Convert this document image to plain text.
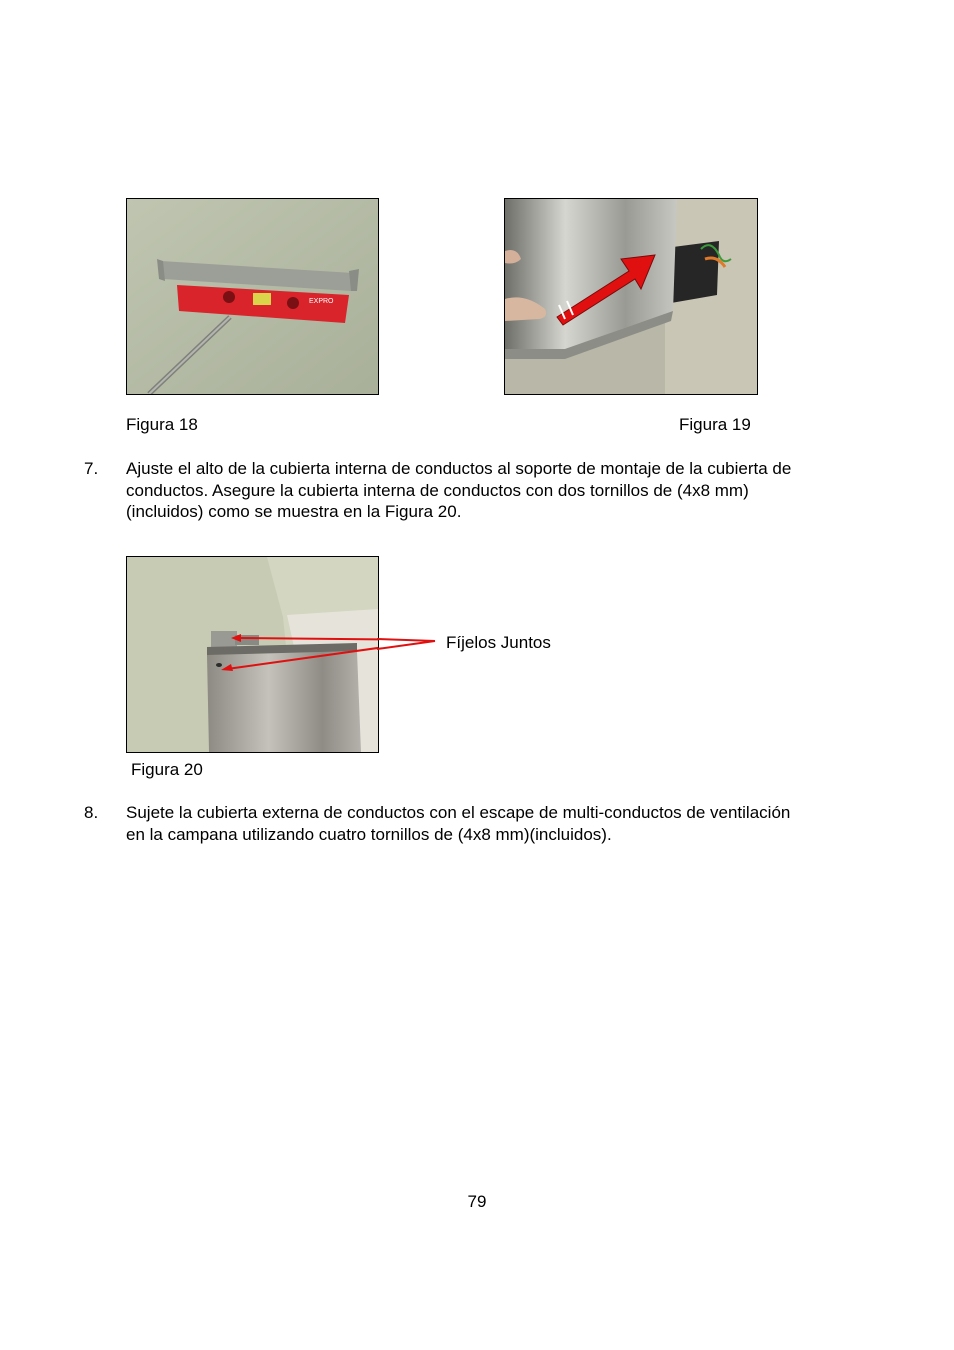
EXPRO
Figura 18	Figura 19
7. Ajuste el alto de la cubierta interna de conductos al soporte de montaje de la cubierta de
conductos. Asegure la cubierta interna de conductos con dos tornillos de (4x8 mm)
(incluidos) como se muestra en la Figura 20.
Fíjelos Juntos
Figura 20
8. Sujete la cubierta externa de conductos con el escape de multi-conductos de ventilación
en la campana utilizando cuatro tornillos de (4x8 mm)(incluidos).
79
